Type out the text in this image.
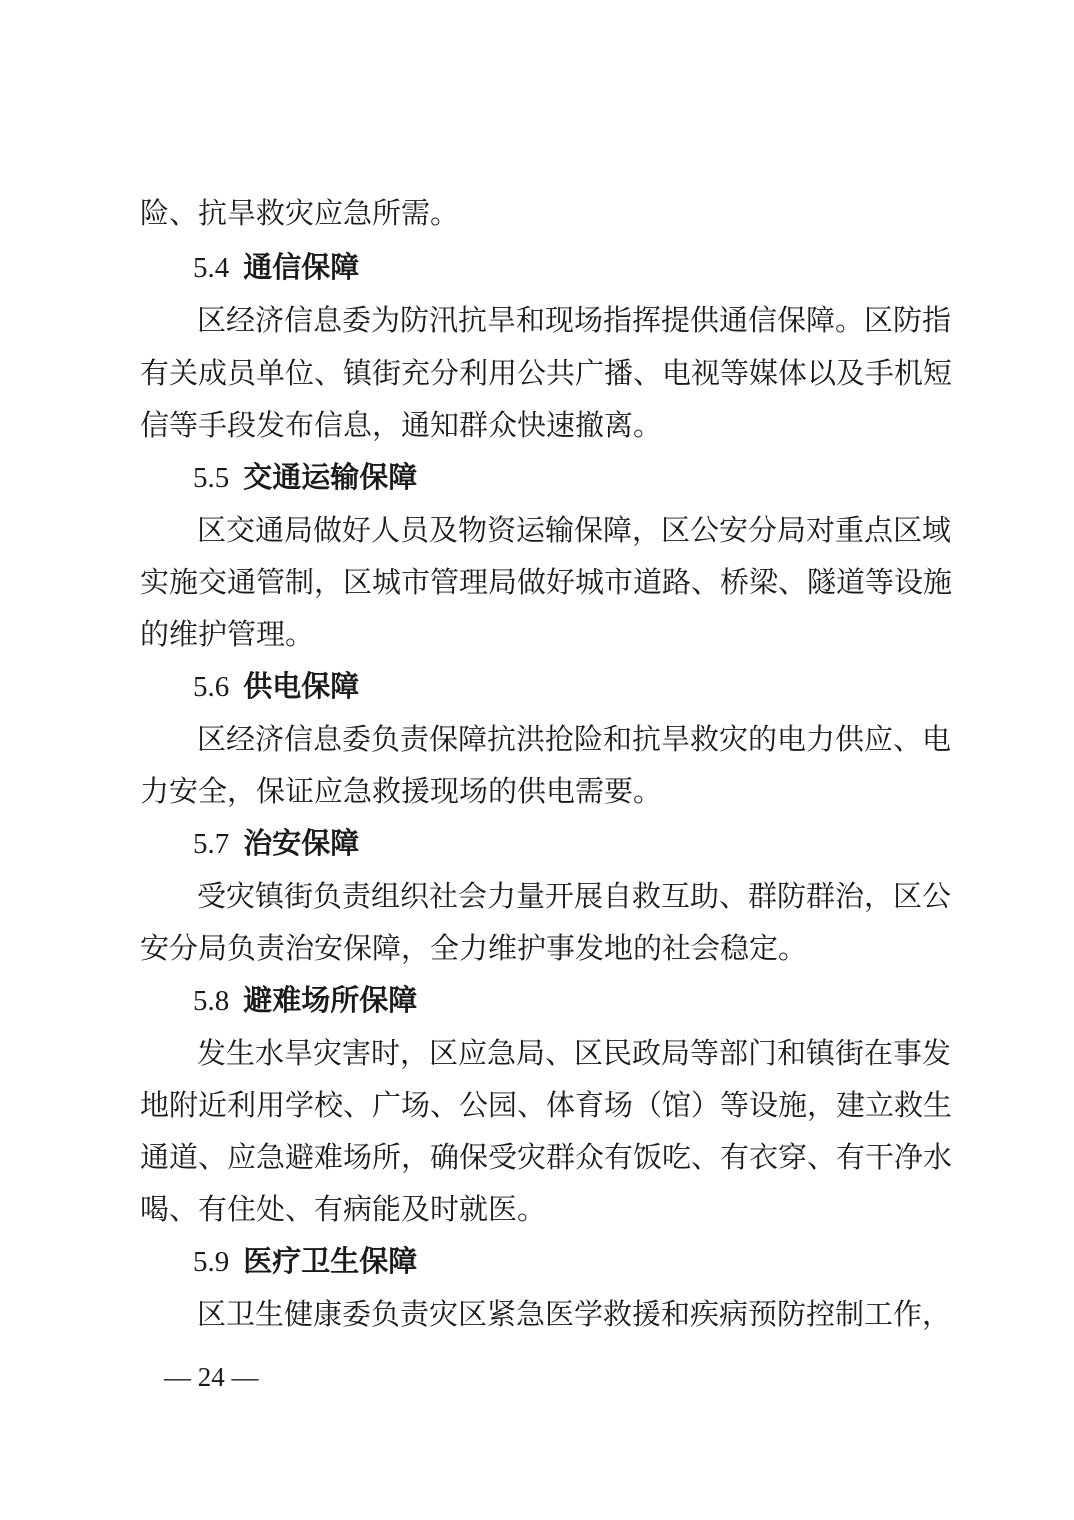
险、抗旱救灾应急所需。
5.4 通信保障
区经济信息委为防汛抗旱和现场指挥提供通信保障。区防指
有关成员单位、镇街充分利用公共广播、电视等媒体以及手机短
信等手段发布信息，通知群众快速撤离。
5.5 交通运输保障
区交通局做好人员及物资运输保障，区公安分局对重点区域
实施交通管制，区城市管理局做好城市道路、桥梁、隧道等设施
的维护管理。
5.6 供电保障
区经济信息委负责保障抗洪抢险和抗旱救灾的电力供应、电
力安全，保证应急救援现场的供电需要。
5.7 治安保障
受灾镇街负责组织社会力量开展自救互助、群防群治，区公
安分局负责治安保障，全力维护事发地的社会稳定。
5.8 避难场所保障
发生水旱灾害时，区应急局、区民政局等部门和镇街在事发
地附近利用学校、广场、公园、体育场（馆）等设施，建立救生
通道、应急避难场所，确保受灾群众有饭吃、有衣穿、有干净水
喝、有住处、有病能及时就医。
5.9 医疗卫生保障
区卫生健康委负责灾区紧急医学救援和疾病预防控制工作，
— 24 —
